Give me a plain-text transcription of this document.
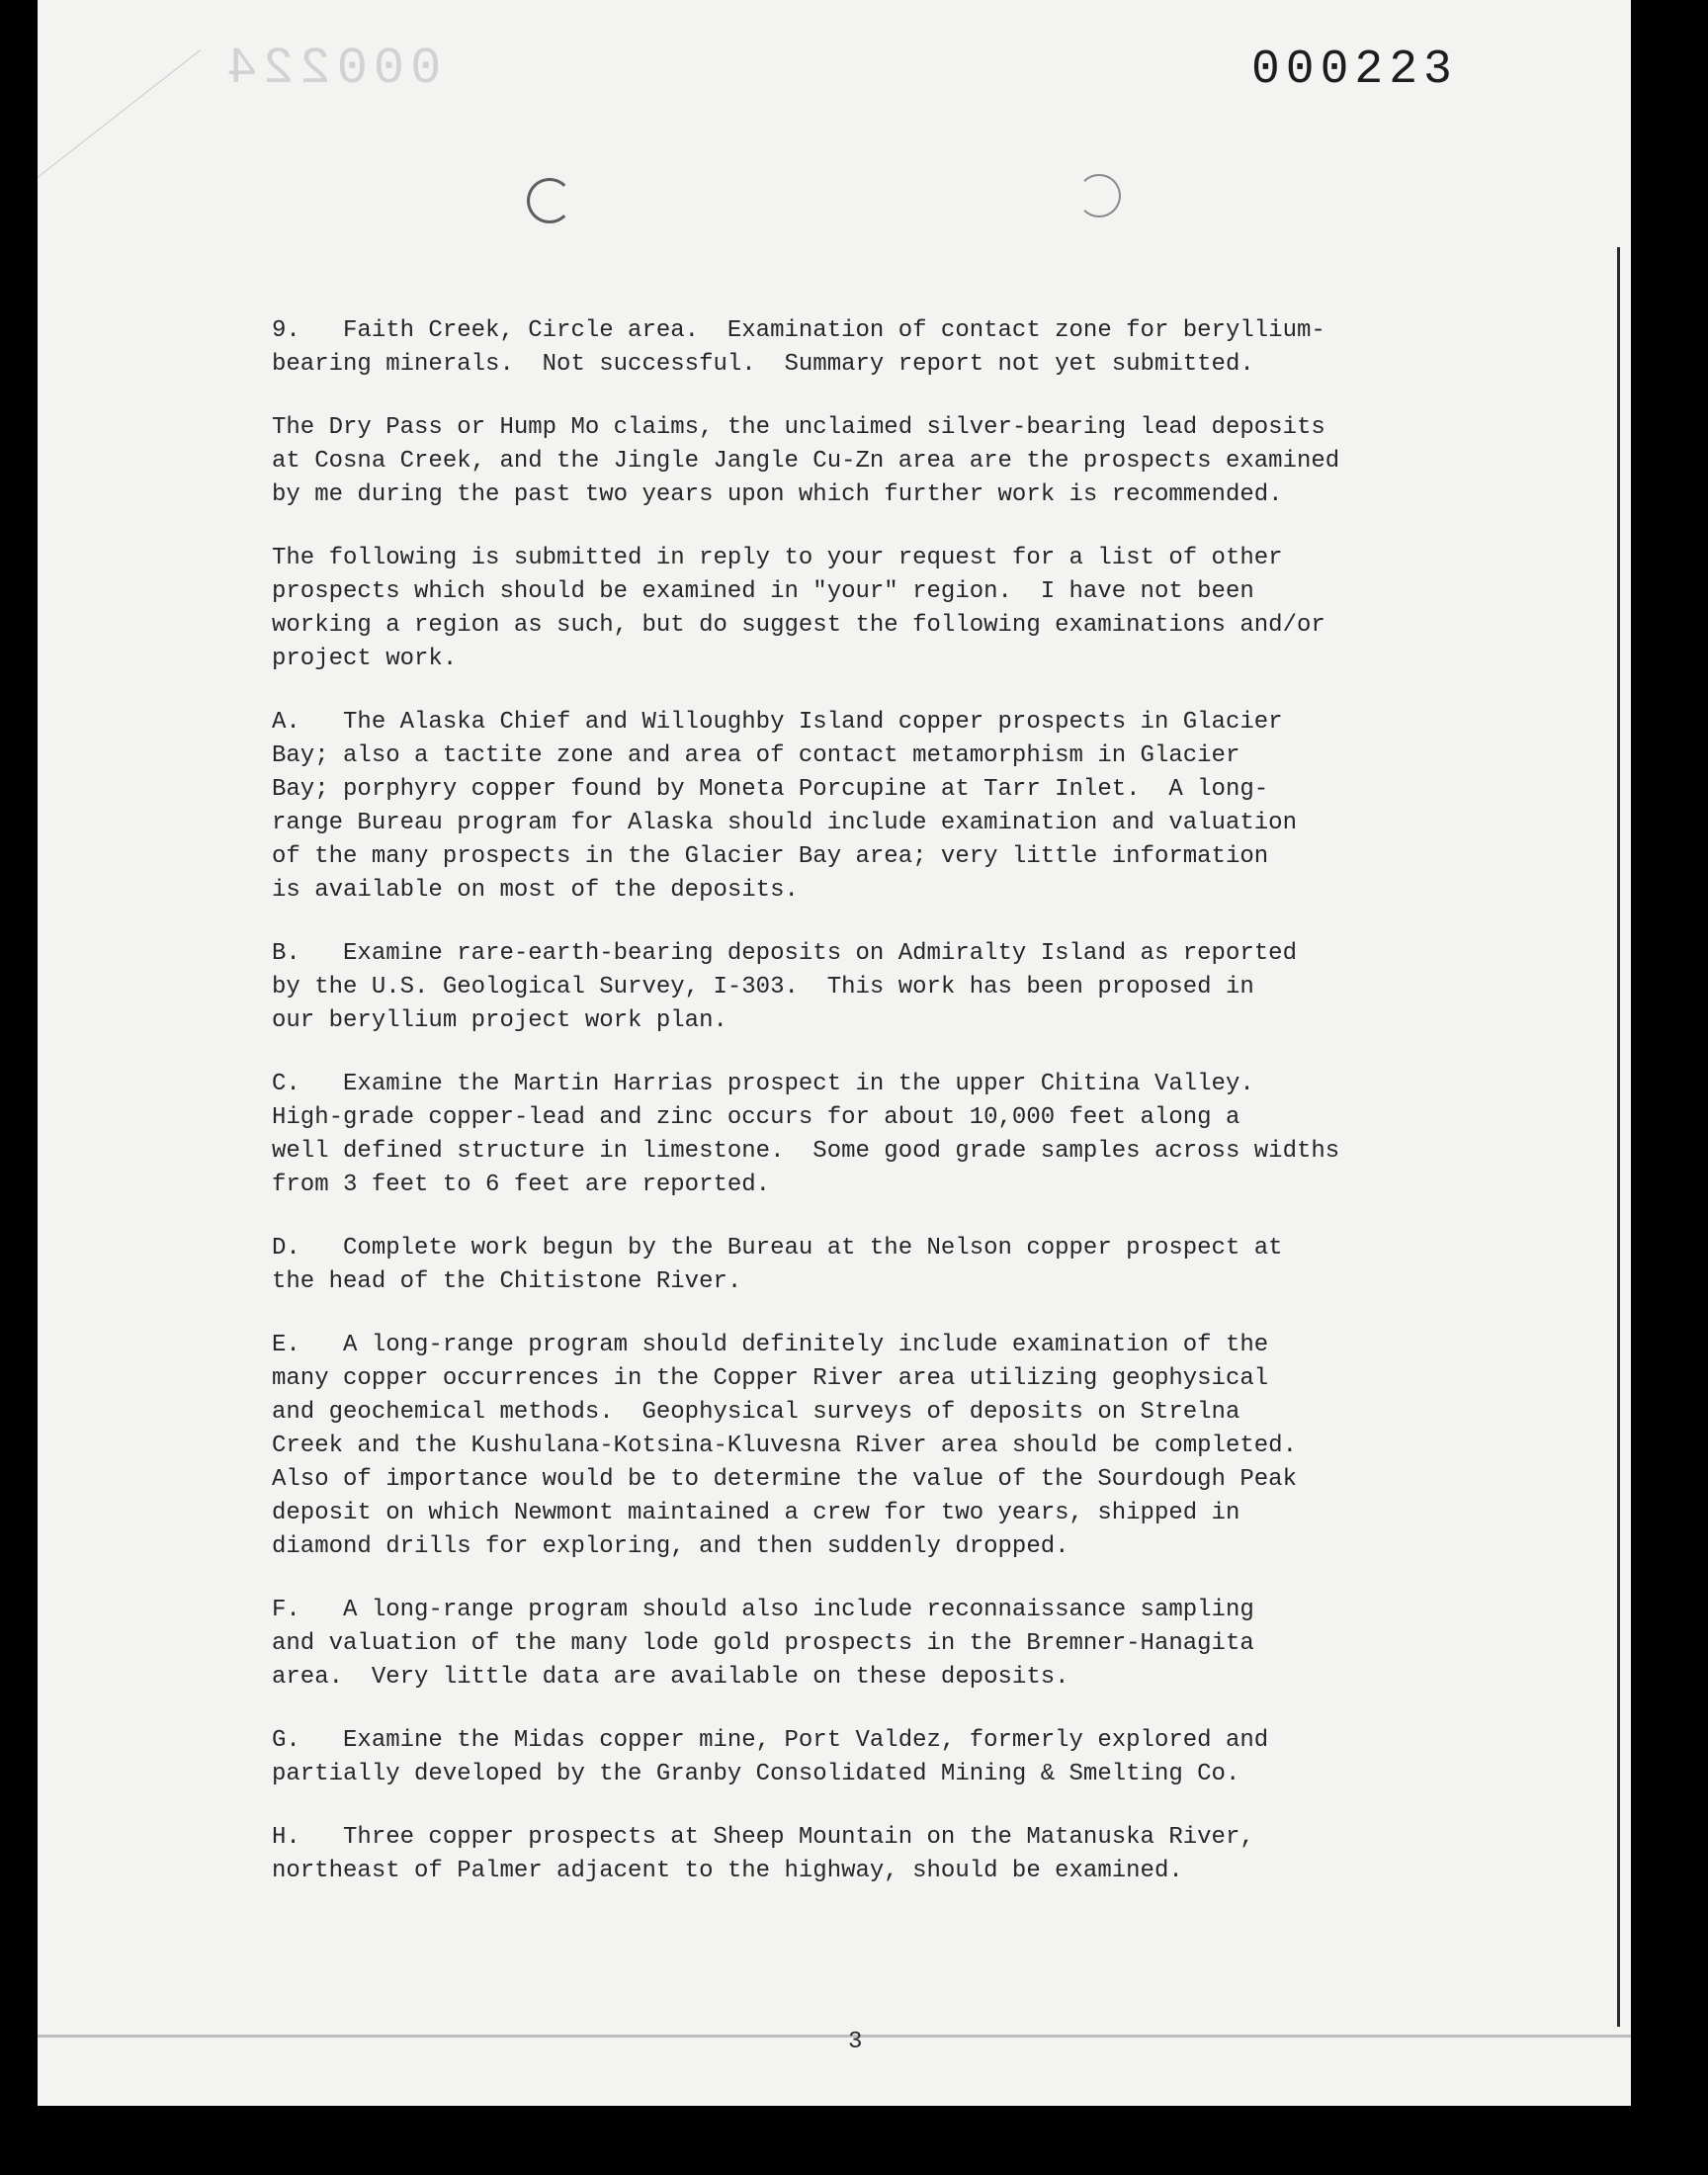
000224	000223

9.   Faith Creek, Circle area.  Examination of contact zone for beryllium-
bearing minerals.  Not successful.  Summary report not yet submitted.

The Dry Pass or Hump Mo claims, the unclaimed silver-bearing lead deposits
at Cosna Creek, and the Jingle Jangle Cu-Zn area are the prospects examined
by me during the past two years upon which further work is recommended.

The following is submitted in reply to your request for a list of other
prospects which should be examined in "your" region.  I have not been
working a region as such, but do suggest the following examinations and/or
project work.

A.   The Alaska Chief and Willoughby Island copper prospects in Glacier
Bay; also a tactite zone and area of contact metamorphism in Glacier
Bay; porphyry copper found by Moneta Porcupine at Tarr Inlet.  A long-
range Bureau program for Alaska should include examination and valuation
of the many prospects in the Glacier Bay area; very little information
is available on most of the deposits.

B.   Examine rare-earth-bearing deposits on Admiralty Island as reported
by the U.S. Geological Survey, I-303.  This work has been proposed in
our beryllium project work plan.

C.   Examine the Martin Harrias prospect in the upper Chitina Valley.
High-grade copper-lead and zinc occurs for about 10,000 feet along a
well defined structure in limestone.  Some good grade samples across widths
from 3 feet to 6 feet are reported.

D.   Complete work begun by the Bureau at the Nelson copper prospect at
the head of the Chitistone River.

E.   A long-range program should definitely include examination of the
many copper occurrences in the Copper River area utilizing geophysical
and geochemical methods.  Geophysical surveys of deposits on Strelna
Creek and the Kushulana-Kotsina-Kluvesna River area should be completed.
Also of importance would be to determine the value of the Sourdough Peak
deposit on which Newmont maintained a crew for two years, shipped in
diamond drills for exploring, and then suddenly dropped.

F.   A long-range program should also include reconnaissance sampling
and valuation of the many lode gold prospects in the Bremner-Hanagita
area.  Very little data are available on these deposits.

G.   Examine the Midas copper mine, Port Valdez, formerly explored and
partially developed by the Granby Consolidated Mining & Smelting Co.

H.   Three copper prospects at Sheep Mountain on the Matanuska River,
northeast of Palmer adjacent to the highway, should be examined.

3
